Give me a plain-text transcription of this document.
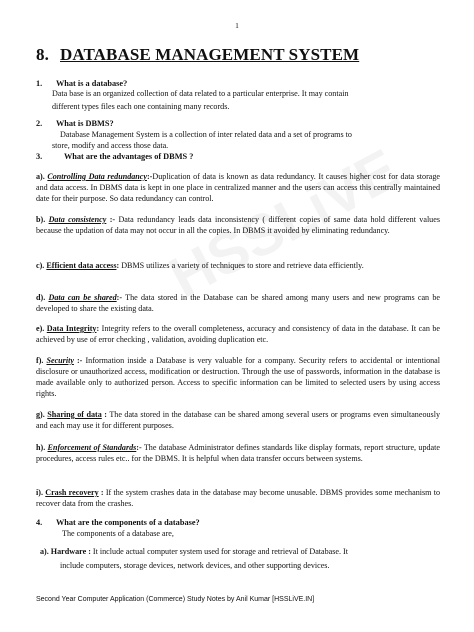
1
8. DATABASE MANAGEMENT SYSTEM
1. What is a database?
Data base is an organized collection of data related to a particular enterprise. It may contain
different types files each one containing many records.
2. What is DBMS?
Database Management System is a collection of inter related data and a set of programs to
store, modify and access those data.
3.	What are the advantages of DBMS ?
a). Controlling Data redundancy:-Duplication of data is known as data redundancy. It causes higher cost for data storage and data access. In DBMS data is kept in one place in centralized manner and the users can access this centrally maintained date for their purpose. So data redundancy can control.
b). Data consistency :- Data redundancy leads data inconsistency ( different copies of same data hold different values because the updation of data may not occur in all the copies. In DBMS it avoided by eliminating redundancy.
c). Efficient data access: DBMS utilizes a variety of techniques to store and retrieve data efficiently.
d). Data can be shared:- The data stored in the Database can be shared among many users and new programs can be developed to share the existing data.
e). Data Integrity: Integrity refers to the overall completeness, accuracy and consistency of data in the database. It can be achieved by use of error checking , validation, avoiding duplication etc.
f). Security :- Information inside a Database is very valuable for a company. Security refers to accidental or intentional disclosure or unauthorized access, modification or destruction. Through the use of passwords, information in the database is made available only to authorized person. Access to specific information can be limited to selected users by using access rights.
g). Sharing of data : The data stored in the database can be shared among several users or programs even simultaneously and each may use it for different purposes.
h). Enforcement of Standards:- The database Administrator defines standards like display formats, report structure, update procedures, access rules etc.. for the DBMS. It is helpful when data transfer occurs between systems.
i). Crash recovery : If the system crashes data in the database may become unusable. DBMS provides some mechanism to recover data from the crashes.
4. What are the components of a database?
The components of a database are,
a). Hardware : It include actual computer system used for storage and retrieval of Database. It
include computers, storage devices, network devices, and other supporting devices.
Second Year Computer Application (Commerce) Study Notes by Anil Kumar [HSSLiVE.IN]
